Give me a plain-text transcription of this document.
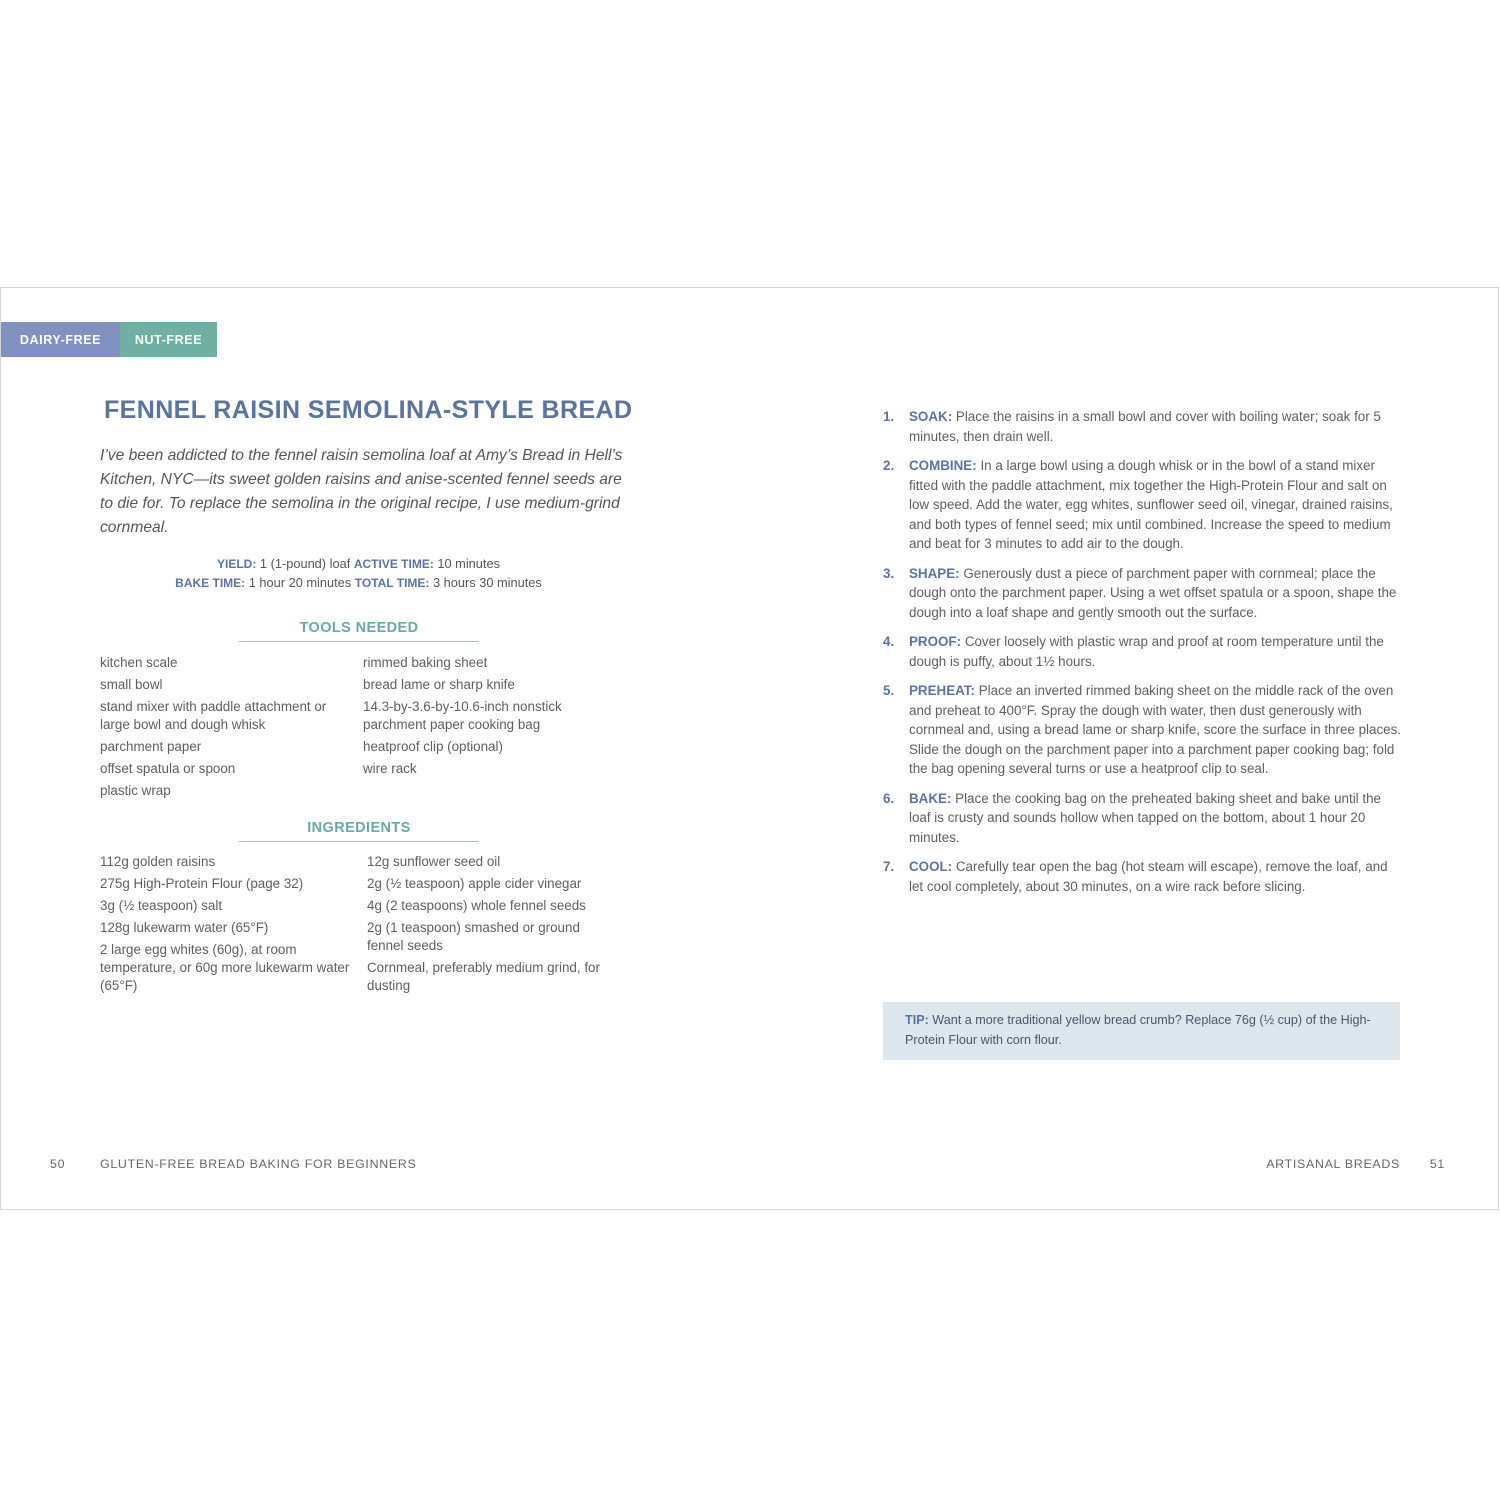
DAIRY-FREE	NUT-FREE
FENNEL RAISIN SEMOLINA-STYLE BREAD

I’ve been addicted to the fennel raisin semolina loaf at Amy’s Bread in Hell’s Kitchen, NYC—its sweet golden raisins and anise-scented fennel seeds are to die for. To replace the semolina in the original recipe, I use medium-grind cornmeal.

YIELD: 1 (1-pound) loaf ACTIVE TIME: 10 minutes
BAKE TIME: 1 hour 20 minutes TOTAL TIME: 3 hours 30 minutes
TOOLS NEEDED
kitchen scale
small bowl
stand mixer with paddle attachment or large bowl and dough whisk
parchment paper
offset spatula or spoon
plastic wrap
rimmed baking sheet
bread lame or sharp knife
14.3-by-3.6-by-10.6-inch nonstick parchment paper cooking bag
heatproof clip (optional)
wire rack
INGREDIENTS
112g golden raisins
275g High-Protein Flour (page 32)
3g (½ teaspoon) salt
128g lukewarm water (65°F)
2 large egg whites (60g), at room temperature, or 60g more lukewarm water (65°F)
12g sunflower seed oil
2g (½ teaspoon) apple cider vinegar
4g (2 teaspoons) whole fennel seeds
2g (1 teaspoon) smashed or ground fennel seeds
Cornmeal, preferably medium grind, for dusting
1. SOAK: Place the raisins in a small bowl and cover with boiling water; soak for 5 minutes, then drain well.
2. COMBINE: In a large bowl using a dough whisk or in the bowl of a stand mixer fitted with the paddle attachment, mix together the High-Protein Flour and salt on low speed. Add the water, egg whites, sunflower seed oil, vinegar, drained raisins, and both types of fennel seed; mix until combined. Increase the speed to medium and beat for 3 minutes to add air to the dough.
3. SHAPE: Generously dust a piece of parchment paper with cornmeal; place the dough onto the parchment paper. Using a wet offset spatula or a spoon, shape the dough into a loaf shape and gently smooth out the surface.
4. PROOF: Cover loosely with plastic wrap and proof at room temperature until the dough is puffy, about 1½ hours.
5. PREHEAT: Place an inverted rimmed baking sheet on the middle rack of the oven and preheat to 400°F. Spray the dough with water, then dust generously with cornmeal and, using a bread lame or sharp knife, score the surface in three places. Slide the dough on the parchment paper into a parchment paper cooking bag; fold the bag opening several turns or use a heatproof clip to seal.
6. BAKE: Place the cooking bag on the preheated baking sheet and bake until the loaf is crusty and sounds hollow when tapped on the bottom, about 1 hour 20 minutes.
7. COOL: Carefully tear open the bag (hot steam will escape), remove the loaf, and let cool completely, about 30 minutes, on a wire rack before slicing.
TIP: Want a more traditional yellow bread crumb? Replace 76g (½ cup) of the High-Protein Flour with corn flour.
50	GLUTEN-FREE BREAD BAKING FOR BEGINNERS	ARTISANAL BREADS 51
